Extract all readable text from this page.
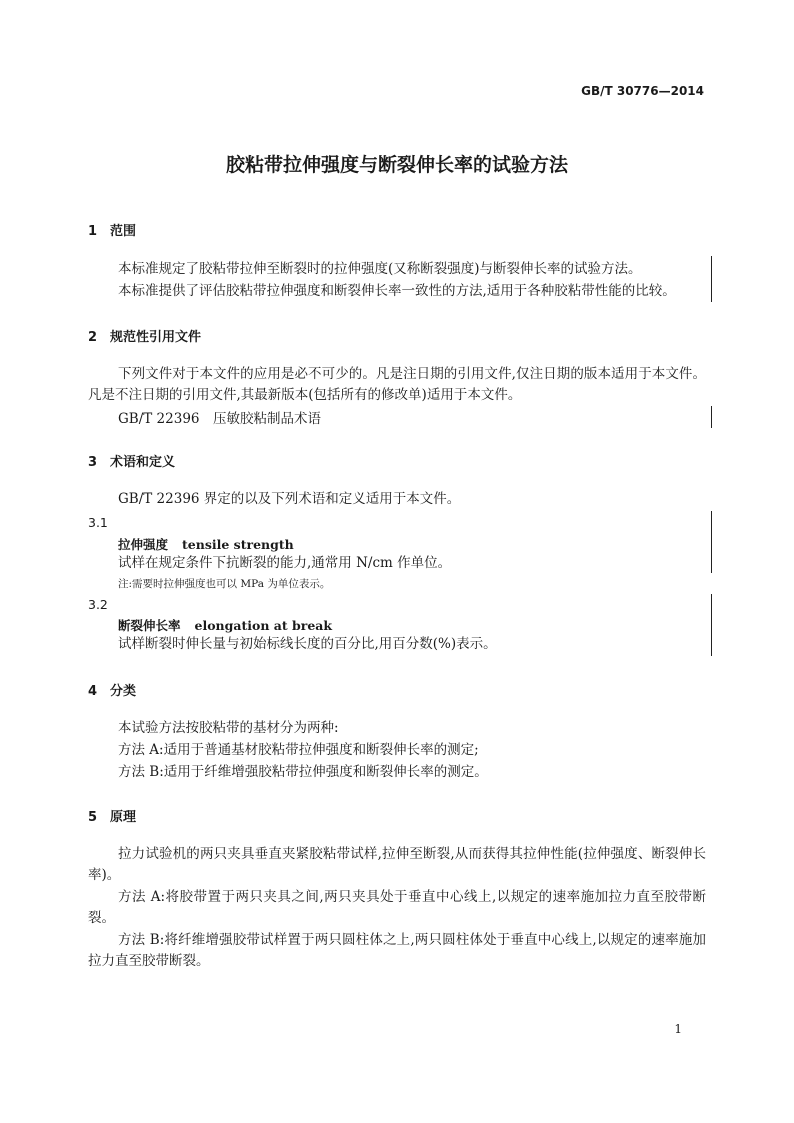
GB/T 30776—2014
胶粘带拉伸强度与断裂伸长率的试验方法
1 范围
本标准规定了胶粘带拉伸至断裂时的拉伸强度(又称断裂强度)与断裂伸长率的试验方法。
本标准提供了评估胶粘带拉伸强度和断裂伸长率一致性的方法,适用于各种胶粘带性能的比较。
2 规范性引用文件
下列文件对于本文件的应用是必不可少的。凡是注日期的引用文件,仅注日期的版本适用于本文件。凡是不注日期的引用文件,其最新版本(包括所有的修改单)适用于本文件。
GB/T 22396　压敏胶粘制品术语
3 术语和定义
GB/T 22396 界定的以及下列术语和定义适用于本文件。
3.1
拉伸强度 tensile strength
试样在规定条件下抗断裂的能力,通常用 N/cm 作单位。
注:需要时拉伸强度也可以 MPa 为单位表示。
3.2
断裂伸长率 elongation at break
试样断裂时伸长量与初始标线长度的百分比,用百分数(%)表示。
4 分类
本试验方法按胶粘带的基材分为两种:
方法 A:适用于普通基材胶粘带拉伸强度和断裂伸长率的测定;
方法 B:适用于纤维增强胶粘带拉伸强度和断裂伸长率的测定。
5 原理
拉力试验机的两只夹具垂直夹紧胶粘带试样,拉伸至断裂,从而获得其拉伸性能(拉伸强度、断裂伸长率)。
方法 A:将胶带置于两只夹具之间,两只夹具处于垂直中心线上,以规定的速率施加拉力直至胶带断裂。
方法 B:将纤维增强胶带试样置于两只圆柱体之上,两只圆柱体处于垂直中心线上,以规定的速率施加拉力直至胶带断裂。
1
